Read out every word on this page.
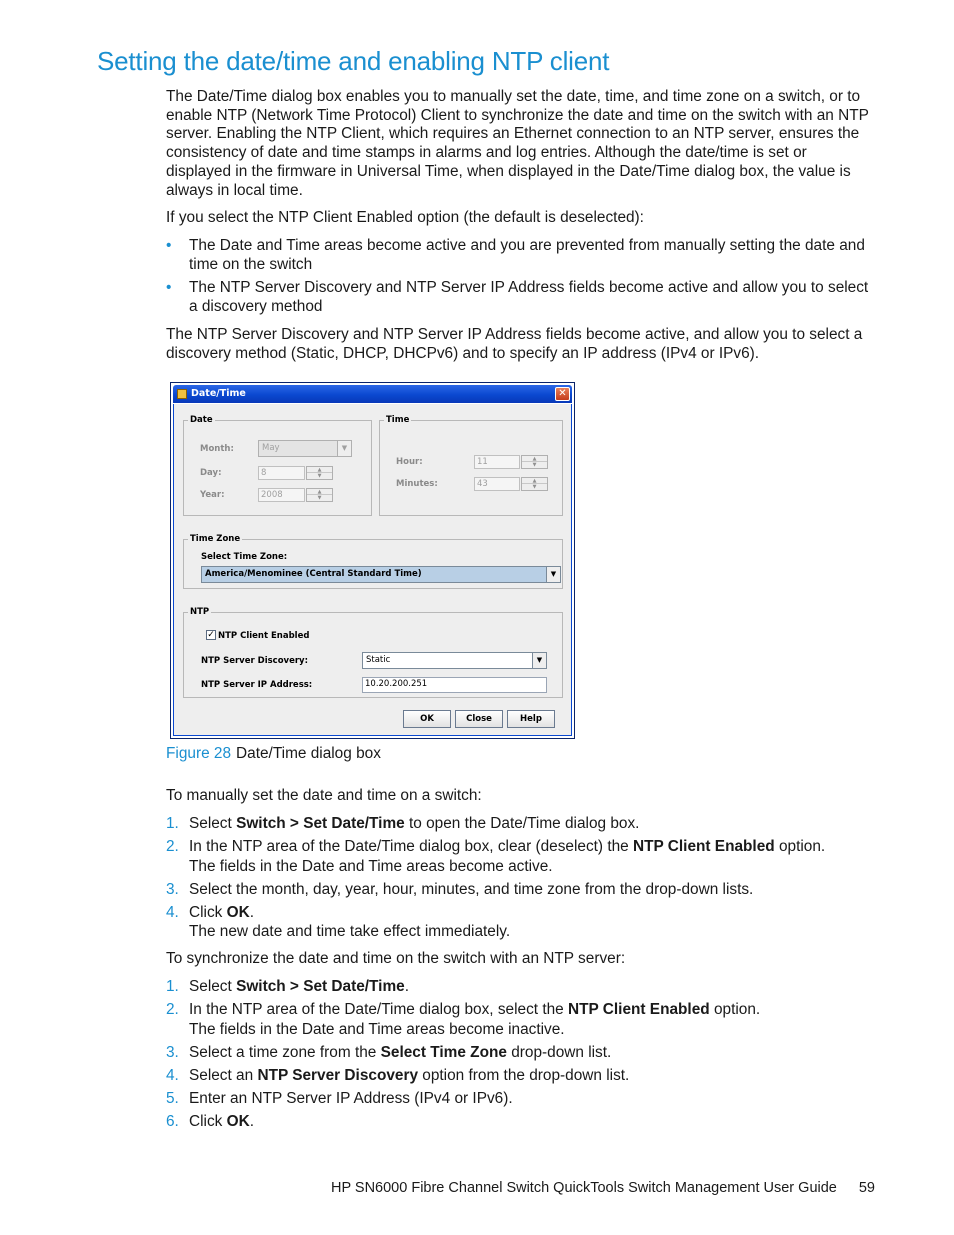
Setting the date/time and enabling NTP client

The Date/Time dialog box enables you to manually set the date, time, and time zone on a switch, or to enable NTP (Network Time Protocol) Client to synchronize the date and time on the switch with an NTP server. Enabling the NTP Client, which requires an Ethernet connection to an NTP server, ensures the consistency of date and time stamps in alarms and log entries. Although the date/time is set or displayed in the firmware in Universal Time, when displayed in the Date/Time dialog box, the value is always in local time.

If you select the NTP Client Enabled option (the default is deselected):

• The Date and Time areas become active and you are prevented from manually setting the date and time on the switch
• The NTP Server Discovery and NTP Server IP Address fields become active and allow you to select a discovery method

The NTP Server Discovery and NTP Server IP Address fields become active, and allow you to select a discovery method (Static, DHCP, DHCPv6) and to specify an IP address (IPv4 or IPv6).

Date/Time	✕
Date
Month:	May	▼
Day:	8	▲
▼
Year:	2008	▲
▼
Time
Hour:	11	▲
▼
Minutes:	43	▲
▼
Time Zone
Select Time Zone:
America/Menominee (Central Standard Time)	▼
NTP
✓ NTP Client Enabled
NTP Server Discovery:	Static	▼
NTP Server IP Address:	10.20.200.251
OK	Close	Help
Figure 28 Date/Time dialog box

To manually set the date and time on a switch:

1. Select Switch > Set Date/Time to open the Date/Time dialog box.
2. In the NTP area of the Date/Time dialog box, clear (deselect) the NTP Client Enabled option.
The fields in the Date and Time areas become active.
3. Select the month, day, year, hour, minutes, and time zone from the drop-down lists.
4. Click OK.
The new date and time take effect immediately.

To synchronize the date and time on the switch with an NTP server:

1. Select Switch > Set Date/Time.
2. In the NTP area of the Date/Time dialog box, select the NTP Client Enabled option.
The fields in the Date and Time areas become inactive.
3. Select a time zone from the Select Time Zone drop-down list.
4. Select an NTP Server Discovery option from the drop-down list.
5. Enter an NTP Server IP Address (IPv4 or IPv6).
6. Click OK.
HP SN6000 Fibre Channel Switch QuickTools Switch Management User Guide 59
